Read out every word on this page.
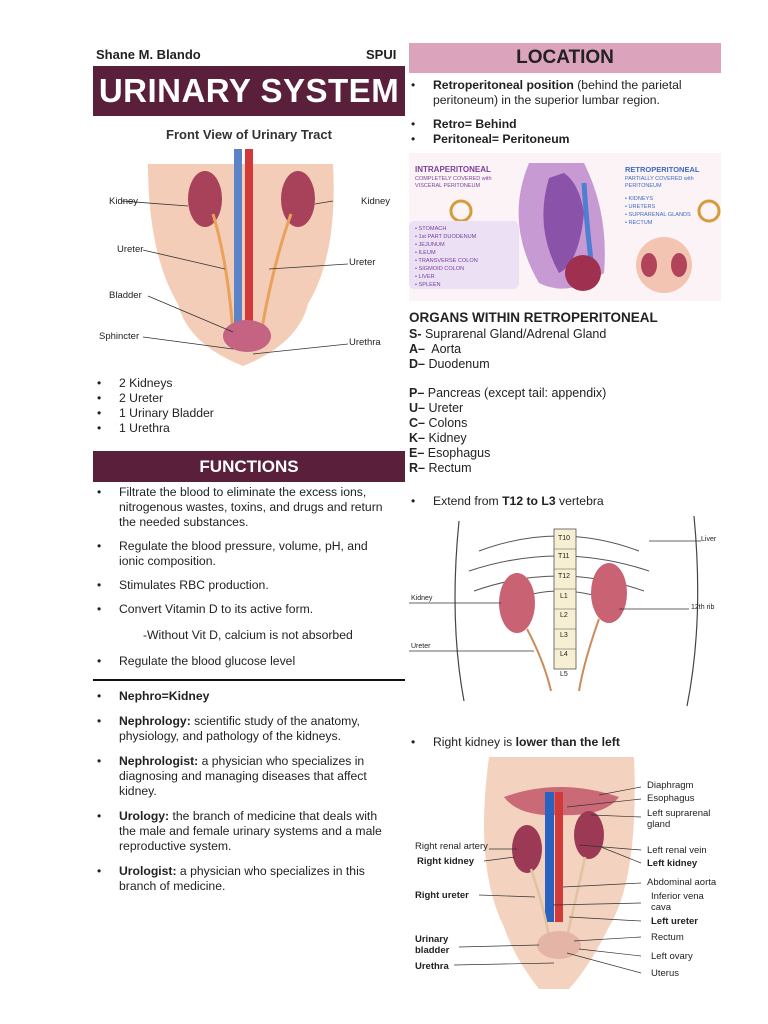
Shane M. Blando	SPUI
URINARY SYSTEM
Front View of Urinary Tract
Kidney	Kidney
Ureter
Ureter
Bladder
Sphincter
Urethra
• 2 Kidneys
• 2 Ureter
• 1 Urinary Bladder
• 1 Urethra
FUNCTIONS
• Filtrate the blood to eliminate the excess ions, nitrogenous wastes, toxins, and drugs and return the needed substances.
• Regulate the blood pressure, volume, pH, and ionic composition.
• Stimulates RBC production.
• Convert Vitamin D to its active form.
-Without Vit D, calcium is not absorbed
• Regulate the blood glucose level
• Nephro=Kidney
• Nephrology: scientific study of the anatomy, physiology, and pathology of the kidneys.
• Nephrologist: a physician who specializes in diagnosing and managing diseases that affect kidney.
• Urology: the branch of medicine that deals with the male and female urinary systems and a male reproductive system.
• Urologist: a physician who specializes in this branch of medicine.
LOCATION
• Retroperitoneal position (behind the parietal peritoneum) in the superior lumbar region.
• Retro= Behind
• Peritoneal= Peritoneum
INTRAPERITONEAL
COMPLETELY COVERED with VISCERAL PERITONEUM
• STOMACH
• 1st PART DUODENUM
• JEJUNUM
• ILEUM
• TRANSVERSE COLON
• SIGMOID COLON
• LIVER
• SPLEEN
RETROPERITONEAL
PARTIALLY COVERED with PERITONEUM
• KIDNEYS
• URETERS
• SUPRARENAL GLANDS
• RECTUM
ORGANS WITHIN RETROPERITONEAL
S- Suprarenal Gland/Adrenal Gland
A–  Aorta
D– Duodenum
P– Pancreas (except tail: appendix)
U– Ureter
C– Colons
K– Kidney
E– Esophagus
R– Rectum
• Extend from T12 to L3 vertebra
Liver
Kidney
Ureter
12th rib
T10
T11
T12
L1
L2
L3
L4
L5
• Right kidney is lower than the left
Diaphragm
Esophagus
Left suprarenal gland
Right renal artery
Right kidney
Left renal vein
Left kidney
Abdominal aorta
Right ureter	Inferior vena cava
Left ureter
Urinary bladder
Rectum
Left ovary
Urethra
Uterus
